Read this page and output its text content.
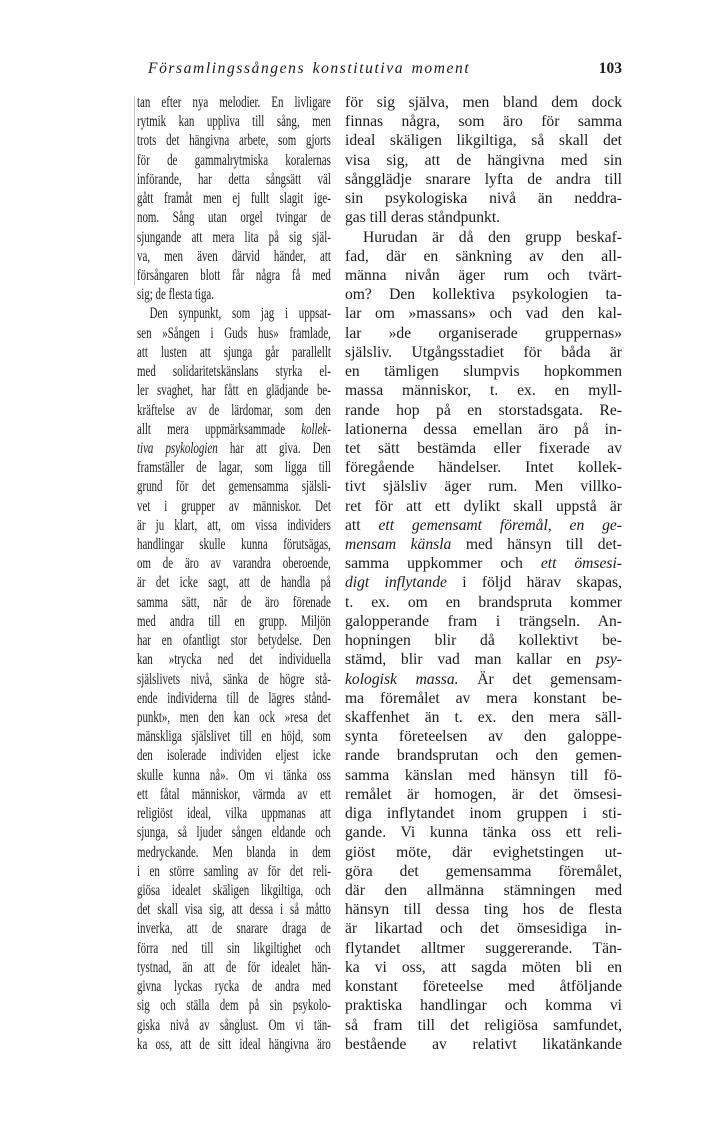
Församlingssångens konstitutiva moment	103
tan efter nya melodier. En livligare
rytmik kan uppliva till sång, men
trots det hängivna arbete, som gjorts
för de gammalrytmiska koralernas
införande, har detta sångsätt väl
gått framåt men ej fullt slagit ige-
nom. Sång utan orgel tvingar de
sjungande att mera lita på sig själ-
va, men även därvid händer, att
försångaren blott får några få med
sig; de flesta tiga.
Den synpunkt, som jag i uppsat-
sen »Sången i Guds hus» framlade,
att lusten att sjunga går parallellt
med solidaritetskänslans styrka el-
ler svaghet, har fått en glädjande be-
kräftelse av de lärdomar, som den
allt mera uppmärksammade kollek-
tiva psykologien har att giva. Den
framställer de lagar, som ligga till
grund för det gemensamma själsli-
vet i grupper av människor. Det
är ju klart, att, om vissa individers
handlingar skulle kunna förutsägas,
om de äro av varandra oberoende,
är det icke sagt, att de handla på
samma sätt, när de äro förenade
med andra till en grupp. Miljön
har en ofantligt stor betydelse. Den
kan »trycka ned det individuella
själslivets nivå, sänka de högre stå-
ende individerna till de lägres stånd-
punkt», men den kan ock »resa det
mänskliga själslivet till en höjd, som
den isolerade individen eljest icke
skulle kunna nå». Om vi tänka oss
ett fåtal människor, värmda av ett
religiöst ideal, vilka uppmanas att
sjunga, så ljuder sången eldande och
medryckande. Men blanda in dem
i en större samling av för det reli-
giösa idealet skäligen likgiltiga, och
det skall visa sig, att dessa i så måtto
inverka, att de snarare draga de
förra ned till sin likgiltighet och
tystnad, än att de för idealet hän-
givna lyckas rycka de andra med
sig och ställa dem på sin psykolo-
giska nivå av sånglust. Om vi tän-
ka oss, att de sitt ideal hängivna äro
för sig själva, men bland dem dock
finnas några, som äro för samma
ideal skäligen likgiltiga, så skall det
visa sig, att de hängivna med sin
sångglädje snarare lyfta de andra till
sin psykologiska nivå än neddra-
gas till deras ståndpunkt.
Hurudan är då den grupp beskaf-
fad, där en sänkning av den all-
männa nivån äger rum och tvärt-
om? Den kollektiva psykologien ta-
lar om »massans» och vad den kal-
lar »de organiserade gruppernas»
själsliv. Utgångsstadiet för båda är
en tämligen slumpvis hopkommen
massa människor, t. ex. en myll-
rande hop på en storstadsgata. Re-
lationerna dessa emellan äro på in-
tet sätt bestämda eller fixerade av
föregående händelser. Intet kollek-
tivt själsliv äger rum. Men villko-
ret för att ett dylikt skall uppstå är
att ett gemensamt föremål, en ge-
mensam känsla med hänsyn till det-
samma uppkommer och ett ömsesi-
digt inflytande i följd härav skapas,
t. ex. om en brandspruta kommer
galopperande fram i trängseln. An-
hopningen blir då kollektivt be-
stämd, blir vad man kallar en psy-
kologisk massa. Är det gemensam-
ma föremålet av mera konstant be-
skaffenhet än t. ex. den mera säll-
synta företeelsen av den galoppe-
rande brandsprutan och den gemen-
samma känslan med hänsyn till fö-
remålet är homogen, är det ömsesi-
diga inflytandet inom gruppen i sti-
gande. Vi kunna tänka oss ett reli-
giöst möte, där evighetstingen ut-
göra det gemensamma föremålet,
där den allmänna stämningen med
hänsyn till dessa ting hos de flesta
är likartad och det ömsesidiga in-
flytandet alltmer suggererande. Tän-
ka vi oss, att sagda möten bli en
konstant företeelse med åtföljande
praktiska handlingar och komma vi
så fram till det religiösa samfundet,
bestående av relativt likatänkande
